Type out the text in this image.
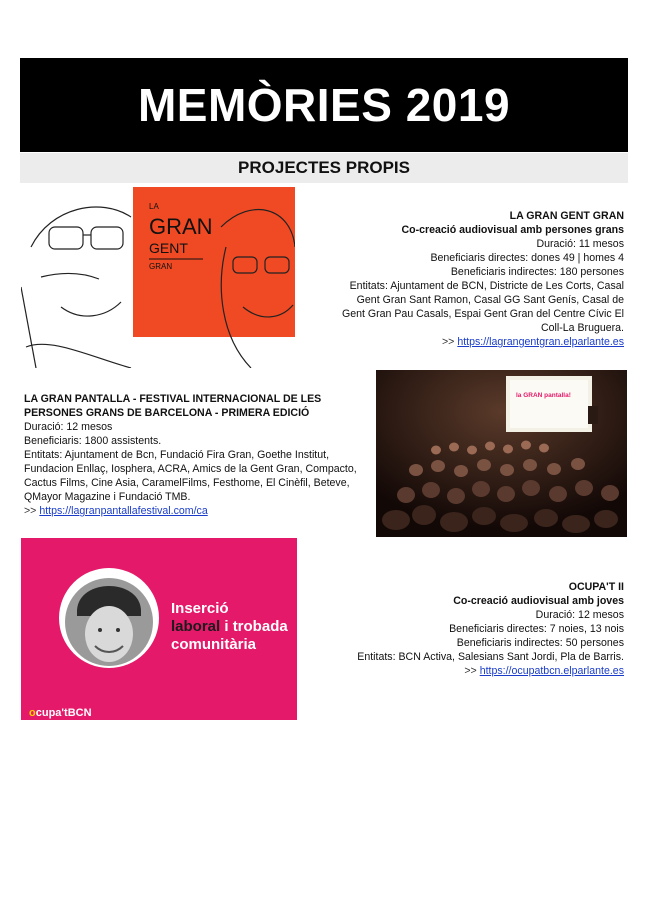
MEMÒRIES 2019
PROJECTES PROPIS
LA
GRAN
GENT
GRAN
LA GRAN GENT GRAN
Co-creació audiovisual amb persones grans
Duració: 11 mesos
Beneficiaris directes: dones 49 | homes 4
Beneficiaris indirectes: 180 persones
Entitats: Ajuntament de BCN, Districte de Les Corts, Casal
Gent Gran Sant Ramon, Casal GG Sant Genís, Casal de
Gent Gran Pau Casals, Espai Gent Gran del Centre Cívic El
Coll-La Bruguera.
>> https://lagrangentgran.elparlante.es
LA GRAN PANTALLA - FESTIVAL INTERNACIONAL DE LES
PERSONES GRANS DE BARCELONA - PRIMERA EDICIÓ
Duració: 12 mesos
Beneficiaris: 1800 assistents.
Entitats: Ajuntament de Bcn, Fundació Fira Gran, Goethe Institut,
Fundacion Enllaç, Iosphera, ACRA, Amics de la Gent Gran, Compacto,
Cactus Films, Cine Asia, CaramelFilms, Festhome, El Cinèfil, Beteve,
QMayor Magazine i Fundació TMB.
>> https://lagranpantallafestival.com/ca
la GRAN pantalla!
ocupa'tBCN
Inserció
laboral i trobada
comunitària
OCUPA'T II
Co-creació audiovisual amb joves
Duració: 12 mesos
Beneficiaris directes: 7 noies, 13 nois
Beneficiaris indirectes: 50 persones
Entitats: BCN Activa, Salesians Sant Jordi, Pla de Barris.
>> https://ocupatbcn.elparlante.es
